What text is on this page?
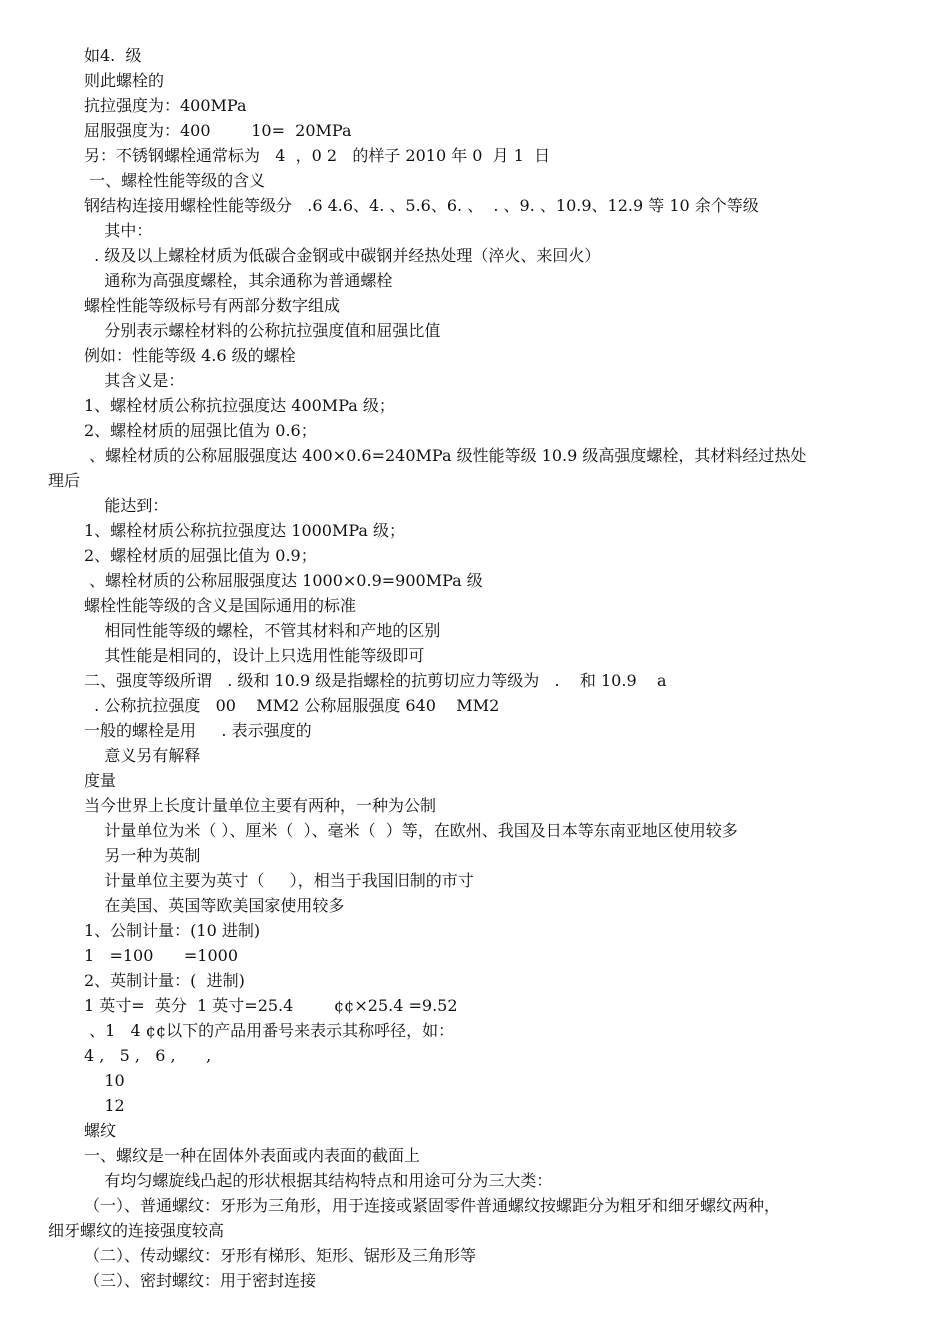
如4.  级
则此螺栓的
抗拉强度为：400MPa
屈服强度为：400        10=  20MPa
另：不锈钢螺栓通常标为   4  ，0 2   的样子 2010 年 0  月 1  日
一、螺栓性能等级的含义
钢结构连接用螺栓性能等级分   .6 4.6、4. 、5.6、6. 、  . 、9. 、10.9、12.9 等 10 余个等级
其中：
. 级及以上螺栓材质为低碳合金钢或中碳钢并经热处理（淬火、来回火）
通称为高强度螺栓，其余通称为普通螺栓
螺栓性能等级标号有两部分数字组成
分别表示螺栓材料的公称抗拉强度值和屈强比值
例如：性能等级 4.6 级的螺栓
其含义是：
1、螺栓材质公称抗拉强度达 400MPa 级；
2、螺栓材质的屈强比值为 0.6；
、螺栓材质的公称屈服强度达 400×0.6=240MPa 级性能等级 10.9 级高强度螺栓，其材料经过热处
理后
能达到：
1、螺栓材质公称抗拉强度达 1000MPa 级；
2、螺栓材质的屈强比值为 0.9；
、螺栓材质的公称屈服强度达 1000×0.9=900MPa 级
螺栓性能等级的含义是国际通用的标准
相同性能等级的螺栓，不管其材料和产地的区别
其性能是相同的，设计上只选用性能等级即可
二、强度等级所谓   . 级和 10.9 级是指螺栓的抗剪切应力等级为   .    和 10.9    a
. 公称抗拉强度   00    MM2 公称屈服强度 640    MM2
一般的螺栓是用     . 表示强度的
意义另有解释
度量
当今世界上长度计量单位主要有两种，一种为公制
计量单位为米（ ）、厘米（  ）、毫米（  ）等，在欧州、我国及日本等东南亚地区使用较多
另一种为英制
计量单位主要为英寸（     ），相当于我国旧制的市寸
在美国、英国等欧美国家使用较多
1、公制计量：(10 进制)
1   =100      =1000
2、英制计量：(  进制)
1 英寸=  英分  1 英寸=25.4        ¢¢×25.4 =9.52
、1   4 ¢¢以下的产品用番号来表示其称呼径，如：
4 ,   5 ,   6 ,      ,
10
12
螺纹
一、螺纹是一种在固体外表面或内表面的截面上
有均匀螺旋线凸起的形状根据其结构特点和用途可分为三大类：
（一）、普通螺纹：牙形为三角形，用于连接或紧固零件普通螺纹按螺距分为粗牙和细牙螺纹两种，
细牙螺纹的连接强度较高
（二）、传动螺纹：牙形有梯形、矩形、锯形及三角形等
（三）、密封螺纹：用于密封连接
